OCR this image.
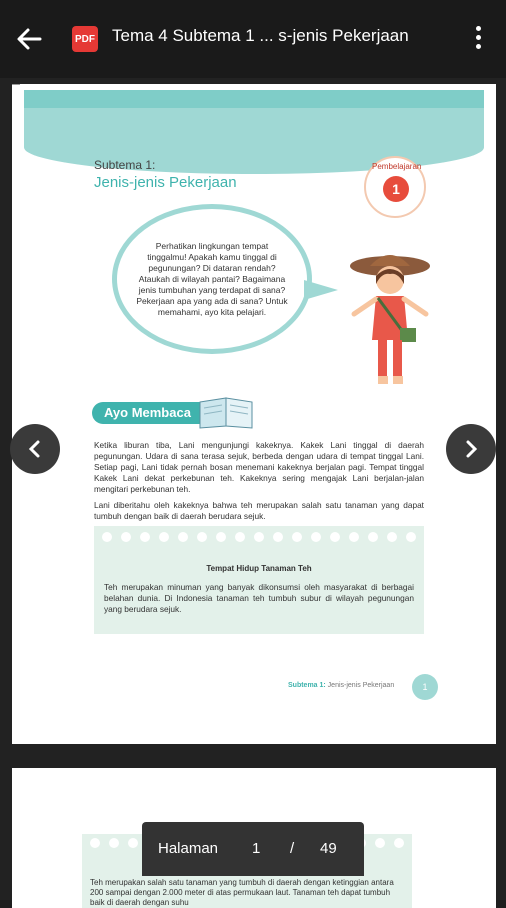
PDF Tema 4 Subtema 1 ... s-jenis Pekerjaan
Subtema 1:
Jenis-jenis Pekerjaan
Pembelajaran
1

Perhatikan lingkungan tempat tinggalmu! Apakah kamu tinggal di pegunungan? Di dataran rendah? Ataukah di wilayah pantai? Bagaimana jenis tumbuhan yang terdapat di sana? Pekerjaan apa yang ada di sana? Untuk memahami, ayo kita pelajari.

Ayo Membaca

Ketika liburan tiba, Lani mengunjungi kakeknya. Kakek Lani tinggal di daerah pegunungan. Udara di sana terasa sejuk, berbeda dengan udara di tempat tinggal Lani. Setiap pagi, Lani tidak pernah bosan menemani kakeknya berjalan pagi. Tempat tinggal Kakek Lani dekat perkebunan teh. Kakeknya sering mengajak Lani berjalan-jalan mengitari perkebunan teh.

Lani diberitahu oleh kakeknya bahwa teh merupakan salah satu tanaman yang dapat tumbuh dengan baik di daerah berudara sejuk.

Tempat Hidup Tanaman Teh

Teh merupakan minuman yang banyak dikonsumsi oleh masyarakat di berbagai belahan dunia. Di Indonesia tanaman teh tumbuh subur di wilayah pegunungan yang berudara sejuk.

Subtema 1: Jenis-jenis Pekerjaan	1

Teh merupakan salah satu tanaman yang tumbuh di daerah dengan ketinggian antara 200 sampai dengan 2.000 meter di atas permukaan laut. Tanaman teh dapat tumbuh baik di daerah dengan suhu

Halaman 1 / 49
